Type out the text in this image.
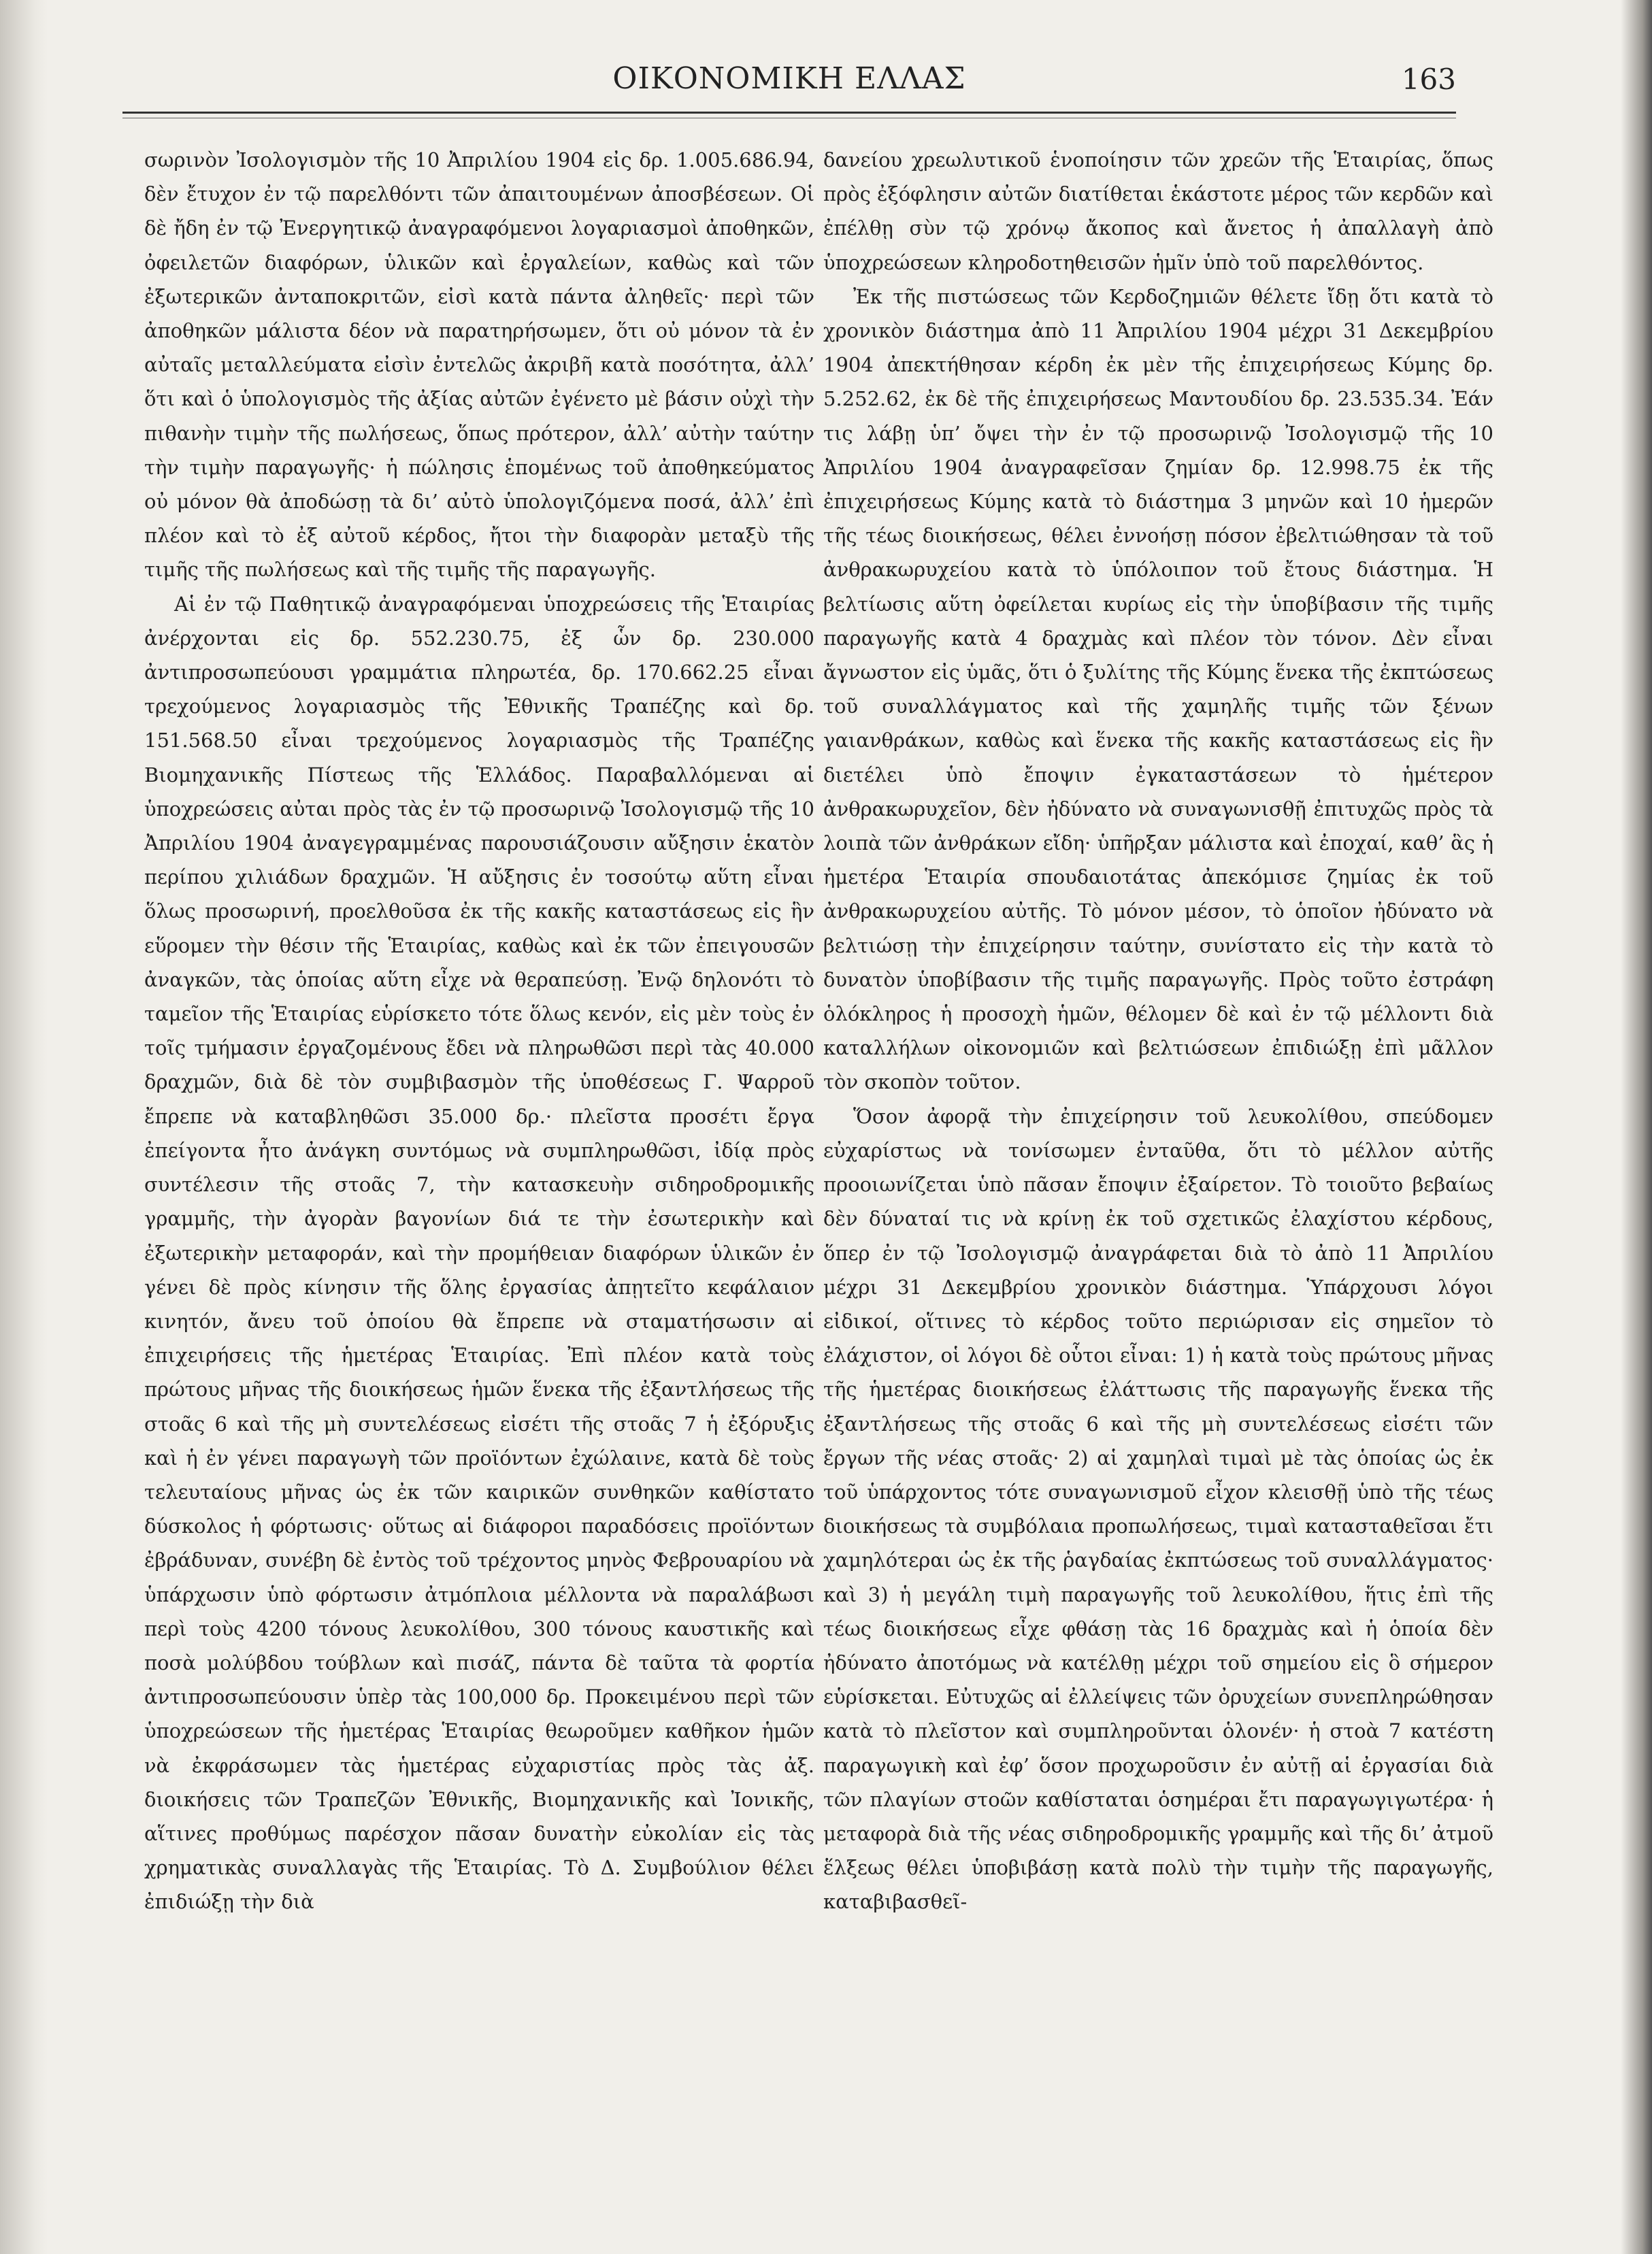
ΟΙΚΟΝΟΜΙΚΗ ΕΛΛΑΣ	163

σωρινὸν Ἰσολογισμὸν τῆς 10 Ἀπριλίου 1904 εἰς δρ. 1.005.686.94, δὲν ἔτυχον ἐν τῷ παρελθόντι τῶν ἀπαιτουμένων ἀποσβέσεων. Οἱ δὲ ἤδη ἐν τῷ Ἐνεργητικῷ ἀναγραφόμενοι λογαριασμοὶ ἀποθηκῶν, ὀφειλετῶν διαφόρων, ὑλικῶν καὶ ἐργαλείων, καθὼς καὶ τῶν ἐξωτερικῶν ἀνταποκριτῶν, εἰσὶ κατὰ πάντα ἀληθεῖς· περὶ τῶν ἀποθηκῶν μάλιστα δέον νὰ παρατηρήσωμεν, ὅτι οὐ μόνον τὰ ἐν αὐταῖς μεταλλεύματα εἰσὶν ἐντελῶς ἀκριβῆ κατὰ ποσότητα, ἀλλ’ ὅτι καὶ ὁ ὑπολογισμὸς τῆς ἀξίας αὐτῶν ἐγένετο μὲ βάσιν οὐχὶ τὴν πιθανὴν τιμὴν τῆς πωλήσεως, ὅπως πρότερον, ἀλλ’ αὐτὴν ταύτην τὴν τιμὴν παραγωγῆς· ἡ πώλησις ἑπομένως τοῦ ἀποθηκεύματος οὐ μόνον θὰ ἀποδώσῃ τὰ δι’ αὐτὸ ὑπολογιζόμενα ποσά, ἀλλ’ ἐπὶ πλέον καὶ τὸ ἐξ αὐτοῦ κέρδος, ἤτοι τὴν διαφορὰν μεταξὺ τῆς τιμῆς τῆς πωλήσεως καὶ τῆς τιμῆς τῆς παραγωγῆς.

Αἱ ἐν τῷ Παθητικῷ ἀναγραφόμεναι ὑποχρεώσεις τῆς Ἑταιρίας ἀνέρχονται εἰς δρ. 552.230.75, ἐξ ὧν δρ. 230.000 ἀντιπροσωπεύουσι γραμμάτια πληρωτέα, δρ. 170.662.25 εἶναι τρεχούμενος λογαριασμὸς τῆς Ἐθνικῆς Τραπέζης καὶ δρ. 151.568.50 εἶναι τρεχούμενος λογαριασμὸς τῆς Τραπέζης Βιομηχανικῆς Πίστεως τῆς Ἑλλάδος. Παραβαλλόμεναι αἱ ὑποχρεώσεις αὐται πρὸς τὰς ἐν τῷ προσωρινῷ Ἰσολογισμῷ τῆς 10 Ἀπριλίου 1904 ἀναγεγραμμένας παρουσιάζουσιν αὔξησιν ἑκατὸν περίπου χιλιάδων δραχμῶν. Ἡ αὔξησις ἐν τοσούτῳ αὕτη εἶναι ὅλως προσωρινή, προελθοῦσα ἐκ τῆς κακῆς καταστάσεως εἰς ἣν εὕρομεν τὴν θέσιν τῆς Ἑταιρίας, καθὼς καὶ ἐκ τῶν ἐπειγουσῶν ἀναγκῶν, τὰς ὁποίας αὕτη εἶχε νὰ θεραπεύσῃ. Ἐνῷ δηλονότι τὸ ταμεῖον τῆς Ἑταιρίας εὑρίσκετο τότε ὅλως κενόν, εἰς μὲν τοὺς ἐν τοῖς τμήμασιν ἐργαζομένους ἔδει νὰ πληρωθῶσι περὶ τὰς 40.000 δραχμῶν, διὰ δὲ τὸν συμβιβασμὸν τῆς ὑποθέσεως Γ. Ψαρροῦ ἔπρεπε νὰ καταβληθῶσι 35.000 δρ.· πλεῖστα προσέτι ἔργα ἐπείγοντα ἦτο ἀνάγκη συντόμως νὰ συμπληρωθῶσι, ἰδίᾳ πρὸς συντέλεσιν τῆς στοᾶς 7, τὴν κατασκευὴν σιδηροδρομικῆς γραμμῆς, τὴν ἀγορὰν βαγονίων διά τε τὴν ἐσωτερικὴν καὶ ἐξωτερικὴν μεταφοράν, καὶ τὴν προμήθειαν διαφόρων ὑλικῶν ἐν γένει δὲ πρὸς κίνησιν τῆς ὅλης ἐργασίας ἀπῃτεῖτο κεφάλαιον κινητόν, ἄνευ τοῦ ὁποίου θὰ ἔπρεπε νὰ σταματήσωσιν αἱ ἐπιχειρήσεις τῆς ἡμετέρας Ἑταιρίας. Ἐπὶ πλέον κατὰ τοὺς πρώτους μῆνας τῆς διοικήσεως ἡμῶν ἕνεκα τῆς ἐξαντλήσεως τῆς στοᾶς 6 καὶ τῆς μὴ συντελέσεως εἰσέτι τῆς στοᾶς 7 ἡ ἐξόρυξις καὶ ἡ ἐν γένει παραγωγὴ τῶν προϊόντων ἐχώλαινε, κατὰ δὲ τοὺς τελευταίους μῆνας ὡς ἐκ τῶν καιρικῶν συνθηκῶν καθίστατο δύσκολος ἡ φόρτωσις· οὕτως αἱ διάφοροι παραδόσεις προϊόντων ἐβράδυναν, συνέβη δὲ ἐντὸς τοῦ τρέχοντος μηνὸς Φεβρουαρίου νὰ ὑπάρχωσιν ὑπὸ φόρτωσιν ἀτμόπλοια μέλλοντα νὰ παραλάβωσι περὶ τοὺς 4200 τόνους λευκολίθου, 300 τόνους καυστικῆς καὶ ποσὰ μολύβδου τούβλων καὶ πισάζ, πάντα δὲ ταῦτα τὰ φορτία ἀντιπροσωπεύουσιν ὑπὲρ τὰς 100,000 δρ. Προκειμένου περὶ τῶν ὑποχρεώσεων τῆς ἡμετέρας Ἑταιρίας θεωροῦμεν καθῆκον ἡμῶν νὰ ἐκφράσωμεν τὰς ἡμετέρας εὐχαριστίας πρὸς τὰς ἀξ. διοικήσεις τῶν Τραπεζῶν Ἐθνικῆς, Βιομηχανικῆς καὶ Ἰονικῆς, αἵτινες προθύμως παρέσχον πᾶσαν δυνατὴν εὐκολίαν εἰς τὰς χρηματικὰς συναλλαγὰς τῆς Ἑταιρίας. Τὸ Δ. Συμβούλιον θέλει ἐπιδιώξῃ τὴν διὰ

δανείου χρεωλυτικοῦ ἑνοποίησιν τῶν χρεῶν τῆς Ἑταιρίας, ὅπως πρὸς ἐξόφλησιν αὐτῶν διατίθεται ἑκάστοτε μέρος τῶν κερδῶν καὶ ἐπέλθῃ σὺν τῷ χρόνῳ ἄκοπος καὶ ἄνετος ἡ ἀπαλλαγὴ ἀπὸ ὑποχρεώσεων κληροδοτηθεισῶν ἡμῖν ὑπὸ τοῦ παρελθόντος.

Ἐκ τῆς πιστώσεως τῶν Κερδοζημιῶν θέλετε ἴδῃ ὅτι κατὰ τὸ χρονικὸν διάστημα ἀπὸ 11 Ἀπριλίου 1904 μέχρι 31 Δεκεμβρίου 1904 ἀπεκτήθησαν κέρδη ἐκ μὲν τῆς ἐπιχειρήσεως Κύμης δρ. 5.252.62, ἐκ δὲ τῆς ἐπιχειρήσεως Μαντουδίου δρ. 23.535.34. Ἐάν τις λάβῃ ὑπ’ ὄψει τὴν ἐν τῷ προσωρινῷ Ἰσολογισμῷ τῆς 10 Ἀπριλίου 1904 ἀναγραφεῖσαν ζημίαν δρ. 12.998.75 ἐκ τῆς ἐπιχειρήσεως Κύμης κατὰ τὸ διάστημα 3 μηνῶν καὶ 10 ἡμερῶν τῆς τέως διοικήσεως, θέλει ἐννοήσῃ πόσον ἐβελτιώθησαν τὰ τοῦ ἀνθρακωρυχείου κατὰ τὸ ὑπόλοιπον τοῦ ἔτους διάστημα. Ἡ βελτίωσις αὕτη ὀφείλεται κυρίως εἰς τὴν ὑποβίβασιν τῆς τιμῆς παραγωγῆς κατὰ 4 δραχμὰς καὶ πλέον τὸν τόνον. Δὲν εἶναι ἄγνωστον εἰς ὑμᾶς, ὅτι ὁ ξυλίτης τῆς Κύμης ἕνεκα τῆς ἐκπτώσεως τοῦ συναλλάγματος καὶ τῆς χαμηλῆς τιμῆς τῶν ξένων γαιανθράκων, καθὼς καὶ ἕνεκα τῆς κακῆς καταστάσεως εἰς ἣν διετέλει ὑπὸ ἔποψιν ἐγκαταστάσεων τὸ ἡμέτερον ἀνθρακωρυχεῖον, δὲν ἠδύνατο νὰ συναγωνισθῇ ἐπιτυχῶς πρὸς τὰ λοιπὰ τῶν ἀνθράκων εἴδη· ὑπῆρξαν μάλιστα καὶ ἐποχαί, καθ’ ἃς ἡ ἡμετέρα Ἑταιρία σπουδαιοτάτας ἀπεκόμισε ζημίας ἐκ τοῦ ἀνθρακωρυχείου αὐτῆς. Τὸ μόνον μέσον, τὸ ὁποῖον ἠδύνατο νὰ βελτιώσῃ τὴν ἐπιχείρησιν ταύτην, συνίστατο εἰς τὴν κατὰ τὸ δυνατὸν ὑποβίβασιν τῆς τιμῆς παραγωγῆς. Πρὸς τοῦτο ἐστράφη ὁλόκληρος ἡ προσοχὴ ἡμῶν, θέλομεν δὲ καὶ ἐν τῷ μέλλοντι διὰ καταλλήλων οἰκονομιῶν καὶ βελτιώσεων ἐπιδιώξῃ ἐπὶ μᾶλλον τὸν σκοπὸν τοῦτον.

Ὅσον ἀφορᾷ τὴν ἐπιχείρησιν τοῦ λευκολίθου, σπεύδομεν εὐχαρίστως νὰ τονίσωμεν ἐνταῦθα, ὅτι τὸ μέλλον αὐτῆς προοιωνίζεται ὑπὸ πᾶσαν ἔποψιν ἐξαίρετον. Τὸ τοιοῦτο βεβαίως δὲν δύναταί τις νὰ κρίνῃ ἐκ τοῦ σχετικῶς ἐλαχίστου κέρδους, ὅπερ ἐν τῷ Ἰσολογισμῷ ἀναγράφεται διὰ τὸ ἀπὸ 11 Ἀπριλίου μέχρι 31 Δεκεμβρίου χρονικὸν διάστημα. Ὑπάρχουσι λόγοι εἰδικοί, οἵτινες τὸ κέρδος τοῦτο περιώρισαν εἰς σημεῖον τὸ ἐλάχιστον, οἱ λόγοι δὲ οὗτοι εἶναι: 1) ἡ κατὰ τοὺς πρώτους μῆνας τῆς ἡμετέρας διοικήσεως ἐλάττωσις τῆς παραγωγῆς ἕνεκα τῆς ἐξαντλήσεως τῆς στοᾶς 6 καὶ τῆς μὴ συντελέσεως εἰσέτι τῶν ἔργων τῆς νέας στοᾶς· 2) αἱ χαμηλαὶ τιμαὶ μὲ τὰς ὁποίας ὡς ἐκ τοῦ ὑπάρχοντος τότε συναγωνισμοῦ εἶχον κλεισθῇ ὑπὸ τῆς τέως διοικήσεως τὰ συμβόλαια προπωλήσεως, τιμαὶ κατασταθεῖσαι ἔτι χαμηλότεραι ὡς ἐκ τῆς ῥαγδαίας ἐκπτώσεως τοῦ συναλλάγματος· καὶ 3) ἡ μεγάλη τιμὴ παραγωγῆς τοῦ λευκολίθου, ἥτις ἐπὶ τῆς τέως διοικήσεως εἶχε φθάσῃ τὰς 16 δραχμὰς καὶ ἡ ὁποία δὲν ἠδύνατο ἀποτόμως νὰ κατέλθῃ μέχρι τοῦ σημείου εἰς ὃ σήμερον εὑρίσκεται. Εὐτυχῶς αἱ ἐλλείψεις τῶν ὀρυχείων συνεπληρώθησαν κατὰ τὸ πλεῖστον καὶ συμπληροῦνται ὁλονέν· ἡ στοὰ 7 κατέστη παραγωγικὴ καὶ ἐφ’ ὅσον προχωροῦσιν ἐν αὐτῇ αἱ ἐργασίαι διὰ τῶν πλαγίων στοῶν καθίσταται ὁσημέραι ἔτι παραγωγιγωτέρα· ἡ μεταφορὰ διὰ τῆς νέας σιδηροδρομικῆς γραμμῆς καὶ τῆς δι’ ἀτμοῦ ἕλξεως θέλει ὑποβιβάσῃ κατὰ πολὺ τὴν τιμὴν τῆς παραγωγῆς, καταβιβασθεῖ-
